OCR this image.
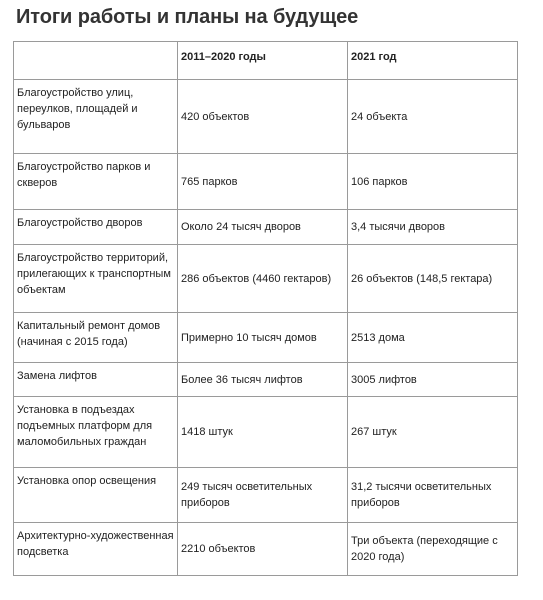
Итоги работы и планы на будущее
	2011–2020 годы	2021 год
Благоустройство улиц, переулков, площадей и бульваров	420 объектов	24 объекта
Благоустройство парков и скверов	765 парков	106 парков
Благоустройство дворов	Около 24 тысяч дворов	3,4 тысячи дворов
Благоустройство территорий, прилегающих к транспортным объектам	286 объектов (4460 гектаров)	26 объектов (148,5 гектара)
Капитальный ремонт домов (начиная с 2015 года)	Примерно 10 тысяч домов	2513 дома
Замена лифтов	Более 36 тысяч лифтов	3005 лифтов
Установка в подъездах подъемных платформ для маломобильных граждан	1418 штук	267 штук
Установка опор освещения	249 тысяч осветительных приборов	31,2 тысячи осветительных приборов
Архитектурно-художественная подсветка	2210 объектов	Три объекта (переходящие с 2020 года)
